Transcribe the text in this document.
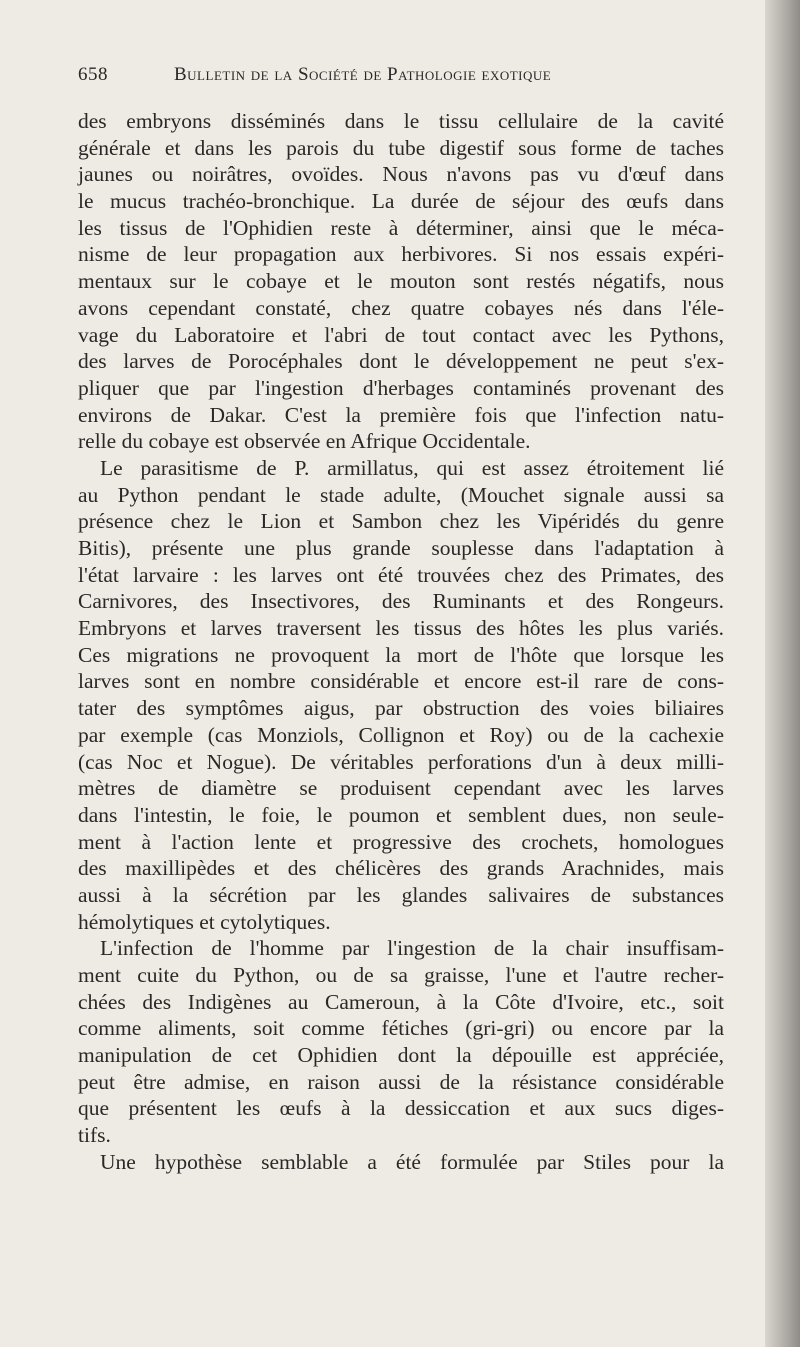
658	Bulletin de la Société de Pathologie exotique
des embryons disséminés dans le tissu cellulaire de la cavité
générale et dans les parois du tube digestif sous forme de taches
jaunes ou noirâtres, ovoïdes. Nous n'avons pas vu d'œuf dans
le mucus trachéo-bronchique. La durée de séjour des œufs dans
les tissus de l'Ophidien reste à déterminer, ainsi que le méca-
nisme de leur propagation aux herbivores. Si nos essais expéri-
mentaux sur le cobaye et le mouton sont restés négatifs, nous
avons cependant constaté, chez quatre cobayes nés dans l'éle-
vage du Laboratoire et l'abri de tout contact avec les Pythons,
des larves de Porocéphales dont le développement ne peut s'ex-
pliquer que par l'ingestion d'herbages contaminés provenant des
environs de Dakar. C'est la première fois que l'infection natu-
relle du cobaye est observée en Afrique Occidentale.
Le parasitisme de P. armillatus, qui est assez étroitement lié
au Python pendant le stade adulte, (Mouchet signale aussi sa
présence chez le Lion et Sambon chez les Vipéridés du genre
Bitis), présente une plus grande souplesse dans l'adaptation à
l'état larvaire : les larves ont été trouvées chez des Primates, des
Carnivores, des Insectivores, des Ruminants et des Rongeurs.
Embryons et larves traversent les tissus des hôtes les plus variés.
Ces migrations ne provoquent la mort de l'hôte que lorsque les
larves sont en nombre considérable et encore est-il rare de cons-
tater des symptômes aigus, par obstruction des voies biliaires
par exemple (cas Monziols, Collignon et Roy) ou de la cachexie
(cas Noc et Nogue). De véritables perforations d'un à deux milli-
mètres de diamètre se produisent cependant avec les larves
dans l'intestin, le foie, le poumon et semblent dues, non seule-
ment à l'action lente et progressive des crochets, homologues
des maxillipèdes et des chélicères des grands Arachnides, mais
aussi à la sécrétion par les glandes salivaires de substances
hémolytiques et cytolytiques.
L'infection de l'homme par l'ingestion de la chair insuffisam-
ment cuite du Python, ou de sa graisse, l'une et l'autre recher-
chées des Indigènes au Cameroun, à la Côte d'Ivoire, etc., soit
comme aliments, soit comme fétiches (gri-gri) ou encore par la
manipulation de cet Ophidien dont la dépouille est appréciée,
peut être admise, en raison aussi de la résistance considérable
que présentent les œufs à la dessiccation et aux sucs diges-
tifs.
Une hypothèse semblable a été formulée par Stiles pour la
